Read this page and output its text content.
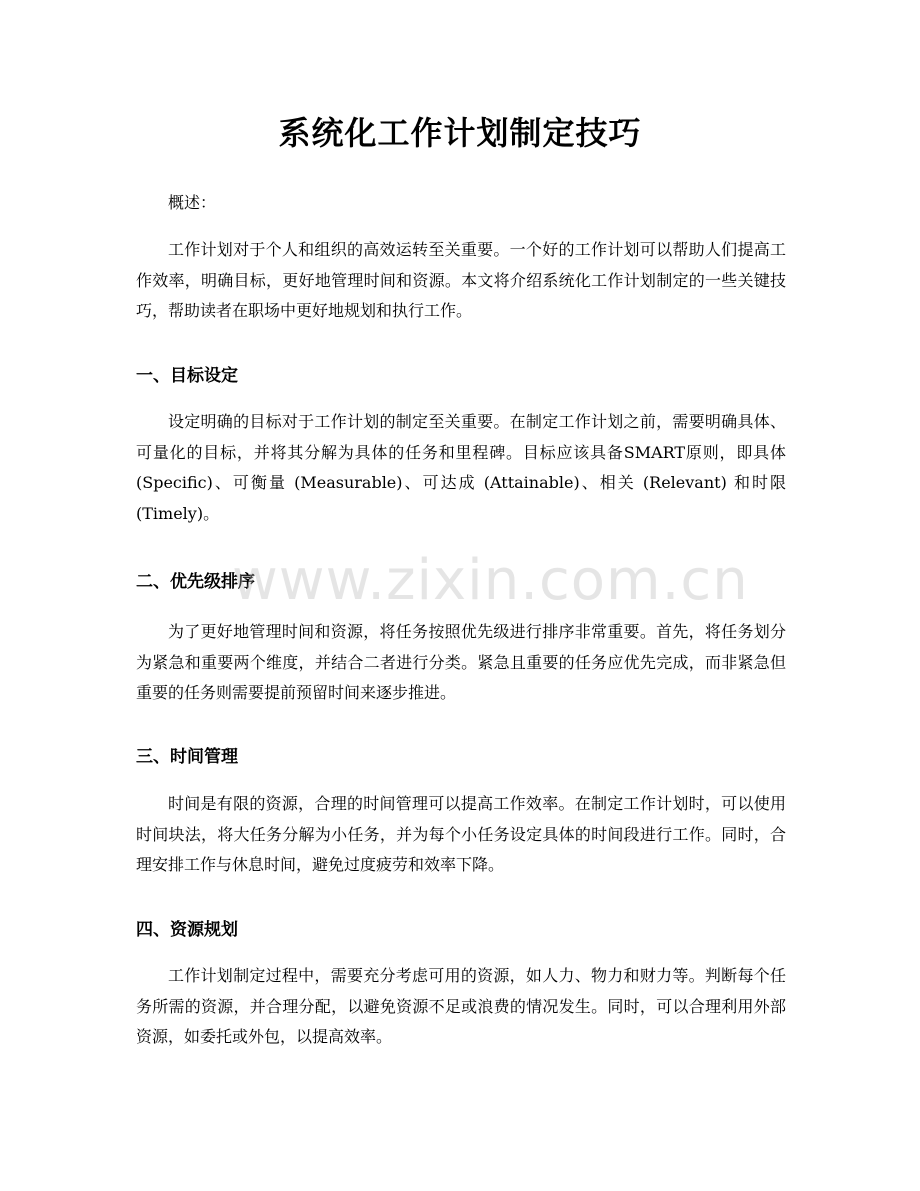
系统化工作计划制定技巧

概述：

工作计划对于个人和组织的高效运转至关重要。一个好的工作计划可以帮助人们提高工作效率，明确目标，更好地管理时间和资源。本文将介绍系统化工作计划制定的一些关键技巧，帮助读者在职场中更好地规划和执行工作。

一、目标设定

设定明确的目标对于工作计划的制定至关重要。在制定工作计划之前，需要明确具体、可量化的目标，并将其分解为具体的任务和里程碑。目标应该具备SMART原则，即具体 (Specific)、可衡量 (Measurable)、可达成 (Attainable)、相关 (Relevant) 和时限 (Timely)。

二、优先级排序

为了更好地管理时间和资源，将任务按照优先级进行排序非常重要。首先，将任务划分为紧急和重要两个维度，并结合二者进行分类。紧急且重要的任务应优先完成，而非紧急但重要的任务则需要提前预留时间来逐步推进。

三、时间管理

时间是有限的资源，合理的时间管理可以提高工作效率。在制定工作计划时，可以使用时间块法，将大任务分解为小任务，并为每个小任务设定具体的时间段进行工作。同时，合理安排工作与休息时间，避免过度疲劳和效率下降。

四、资源规划

工作计划制定过程中，需要充分考虑可用的资源，如人力、物力和财力等。判断每个任务所需的资源，并合理分配，以避免资源不足或浪费的情况发生。同时，可以合理利用外部资源，如委托或外包，以提高效率。

www.zixin.com.cn
